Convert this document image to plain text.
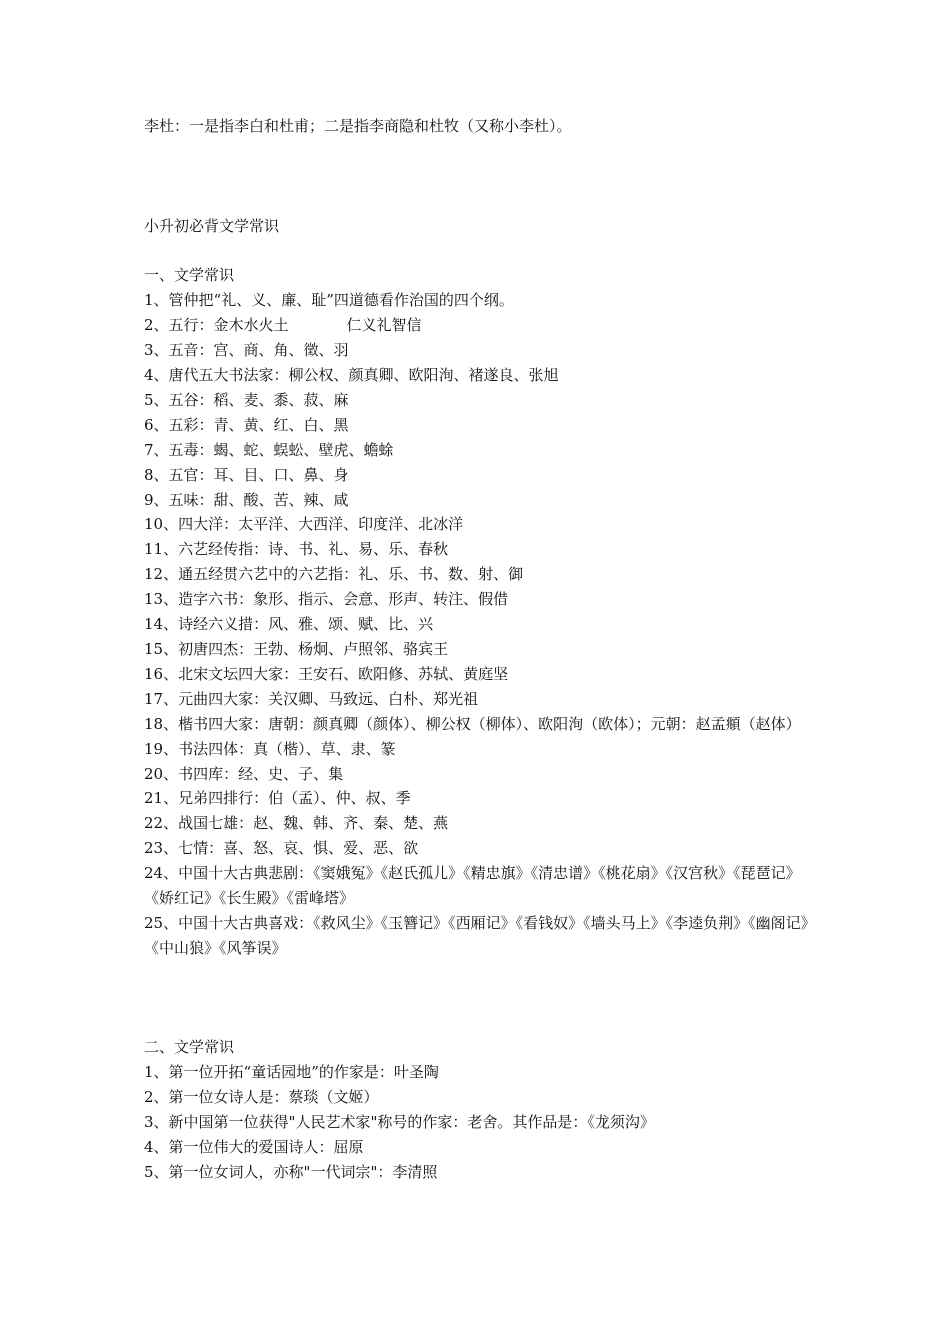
李杜：一是指李白和杜甫；二是指李商隐和杜牧（又称小李杜）。

小升初必背文学常识

一、文学常识

1、管仲把“礼、义、廉、耻”四道德看作治国的四个纲。

2、五行：金木水火土	仁义礼智信

3、五音：宫、商、角、徵、羽

4、唐代五大书法家：柳公权、颜真卿、欧阳洵、褚遂良、张旭

5、五谷：稻、麦、黍、菽、麻

6、五彩：青、黄、红、白、黑

7、五毒：蝎、蛇、蜈蚣、壁虎、蟾蜍

8、五官：耳、目、口、鼻、身

9、五味：甜、酸、苦、辣、咸

10、四大洋：太平洋、大西洋、印度洋、北冰洋

11、六艺经传指：诗、书、礼、易、乐、春秋

12、通五经贯六艺中的六艺指：礼、乐、书、数、射、御

13、造字六书：象形、指示、会意、形声、转注、假借

14、诗经六义措：风、雅、颂、赋、比、兴

15、初唐四杰：王勃、杨炯、卢照邻、骆宾王

16、北宋文坛四大家：王安石、欧阳修、苏轼、黄庭坚

17、元曲四大家：关汉卿、马致远、白朴、郑光祖

18、楷书四大家：唐朝：颜真卿（颜体）、柳公权（柳体）、欧阳洵（欧体）；元朝：赵孟頫（赵体）

19、书法四体：真（楷）、草、隶、篆

20、书四库：经、史、子、集

21、兄弟四排行：伯（孟）、仲、叔、季

22、战国七雄：赵、魏、韩、齐、秦、楚、燕

23、七情：喜、怒、哀、惧、爱、恶、欲

24、中国十大古典悲剧：《窦娥冤》《赵氏孤儿》《精忠旗》《清忠谱》《桃花扇》《汉宫秋》《琵琶记》《娇红记》《长生殿》《雷峰塔》

25、中国十大古典喜戏：《救风尘》《玉簪记》《西厢记》《看钱奴》《墙头马上》《李逵负荆》《幽阁记》《中山狼》《风筝误》

二、文学常识

1、第一位开拓“童话园地”的作家是：叶圣陶

2、第一位女诗人是：蔡琰（文姬）

3、新中国第一位获得"人民艺术家"称号的作家：老舍。其作品是：《龙须沟》

4、第一位伟大的爱国诗人：屈原

5、第一位女词人，亦称"一代词宗"：李清照
